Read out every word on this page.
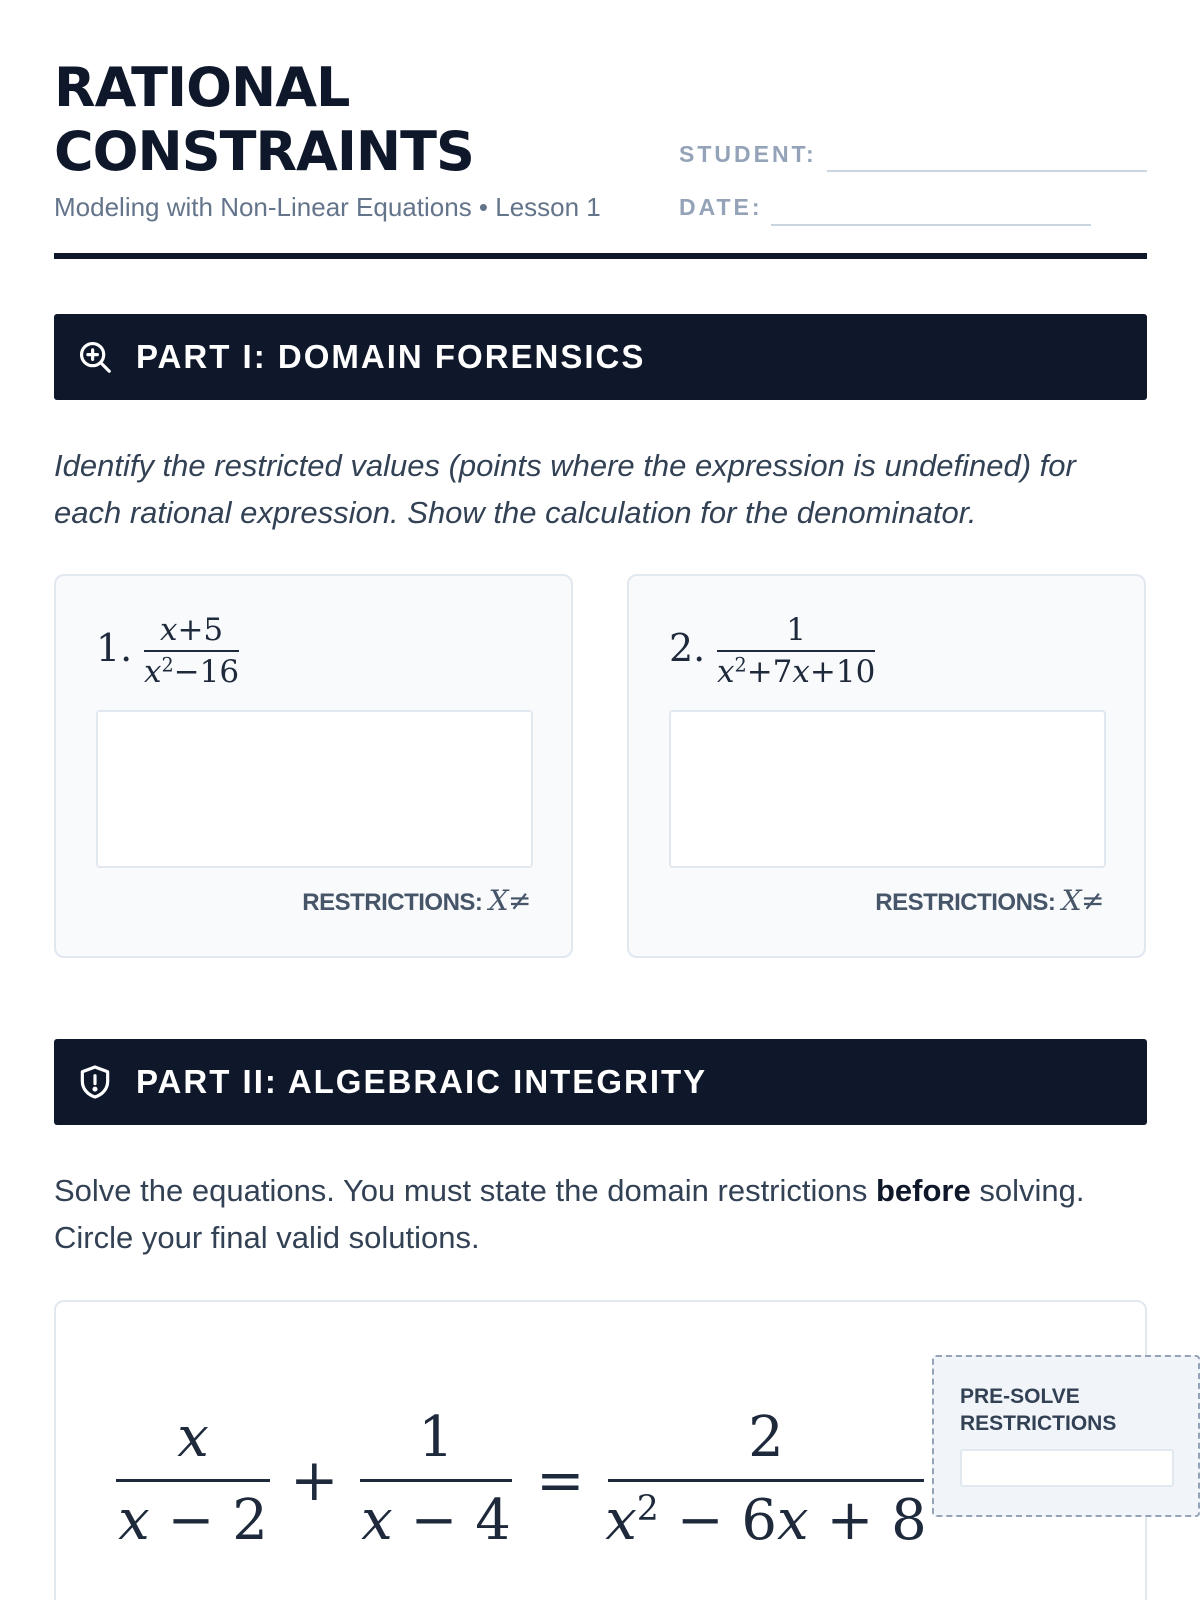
RATIONAL
CONSTRAINTS
Modeling with Non-Linear Equations • Lesson 1
STUDENT:
DATE:
PART I: DOMAIN FORENSICS
Identify the restricted values (points where the expression is undefined) for each rational expression. Show the calculation for the denominator.
1. x+5
$x^2-16$
RESTRICTIONS: X≠
2.	1
$x^2+7x+10$
RESTRICTIONS: X≠
PART II: ALGEBRAIC INTEGRITY
Solve the equations. You must state the domain restrictions before solving. Circle your final valid solutions.
x
x − 2
+
1
x − 4
=
2
$x^2 - 6x + 8$
PRE-SOLVE RESTRICTIONS
